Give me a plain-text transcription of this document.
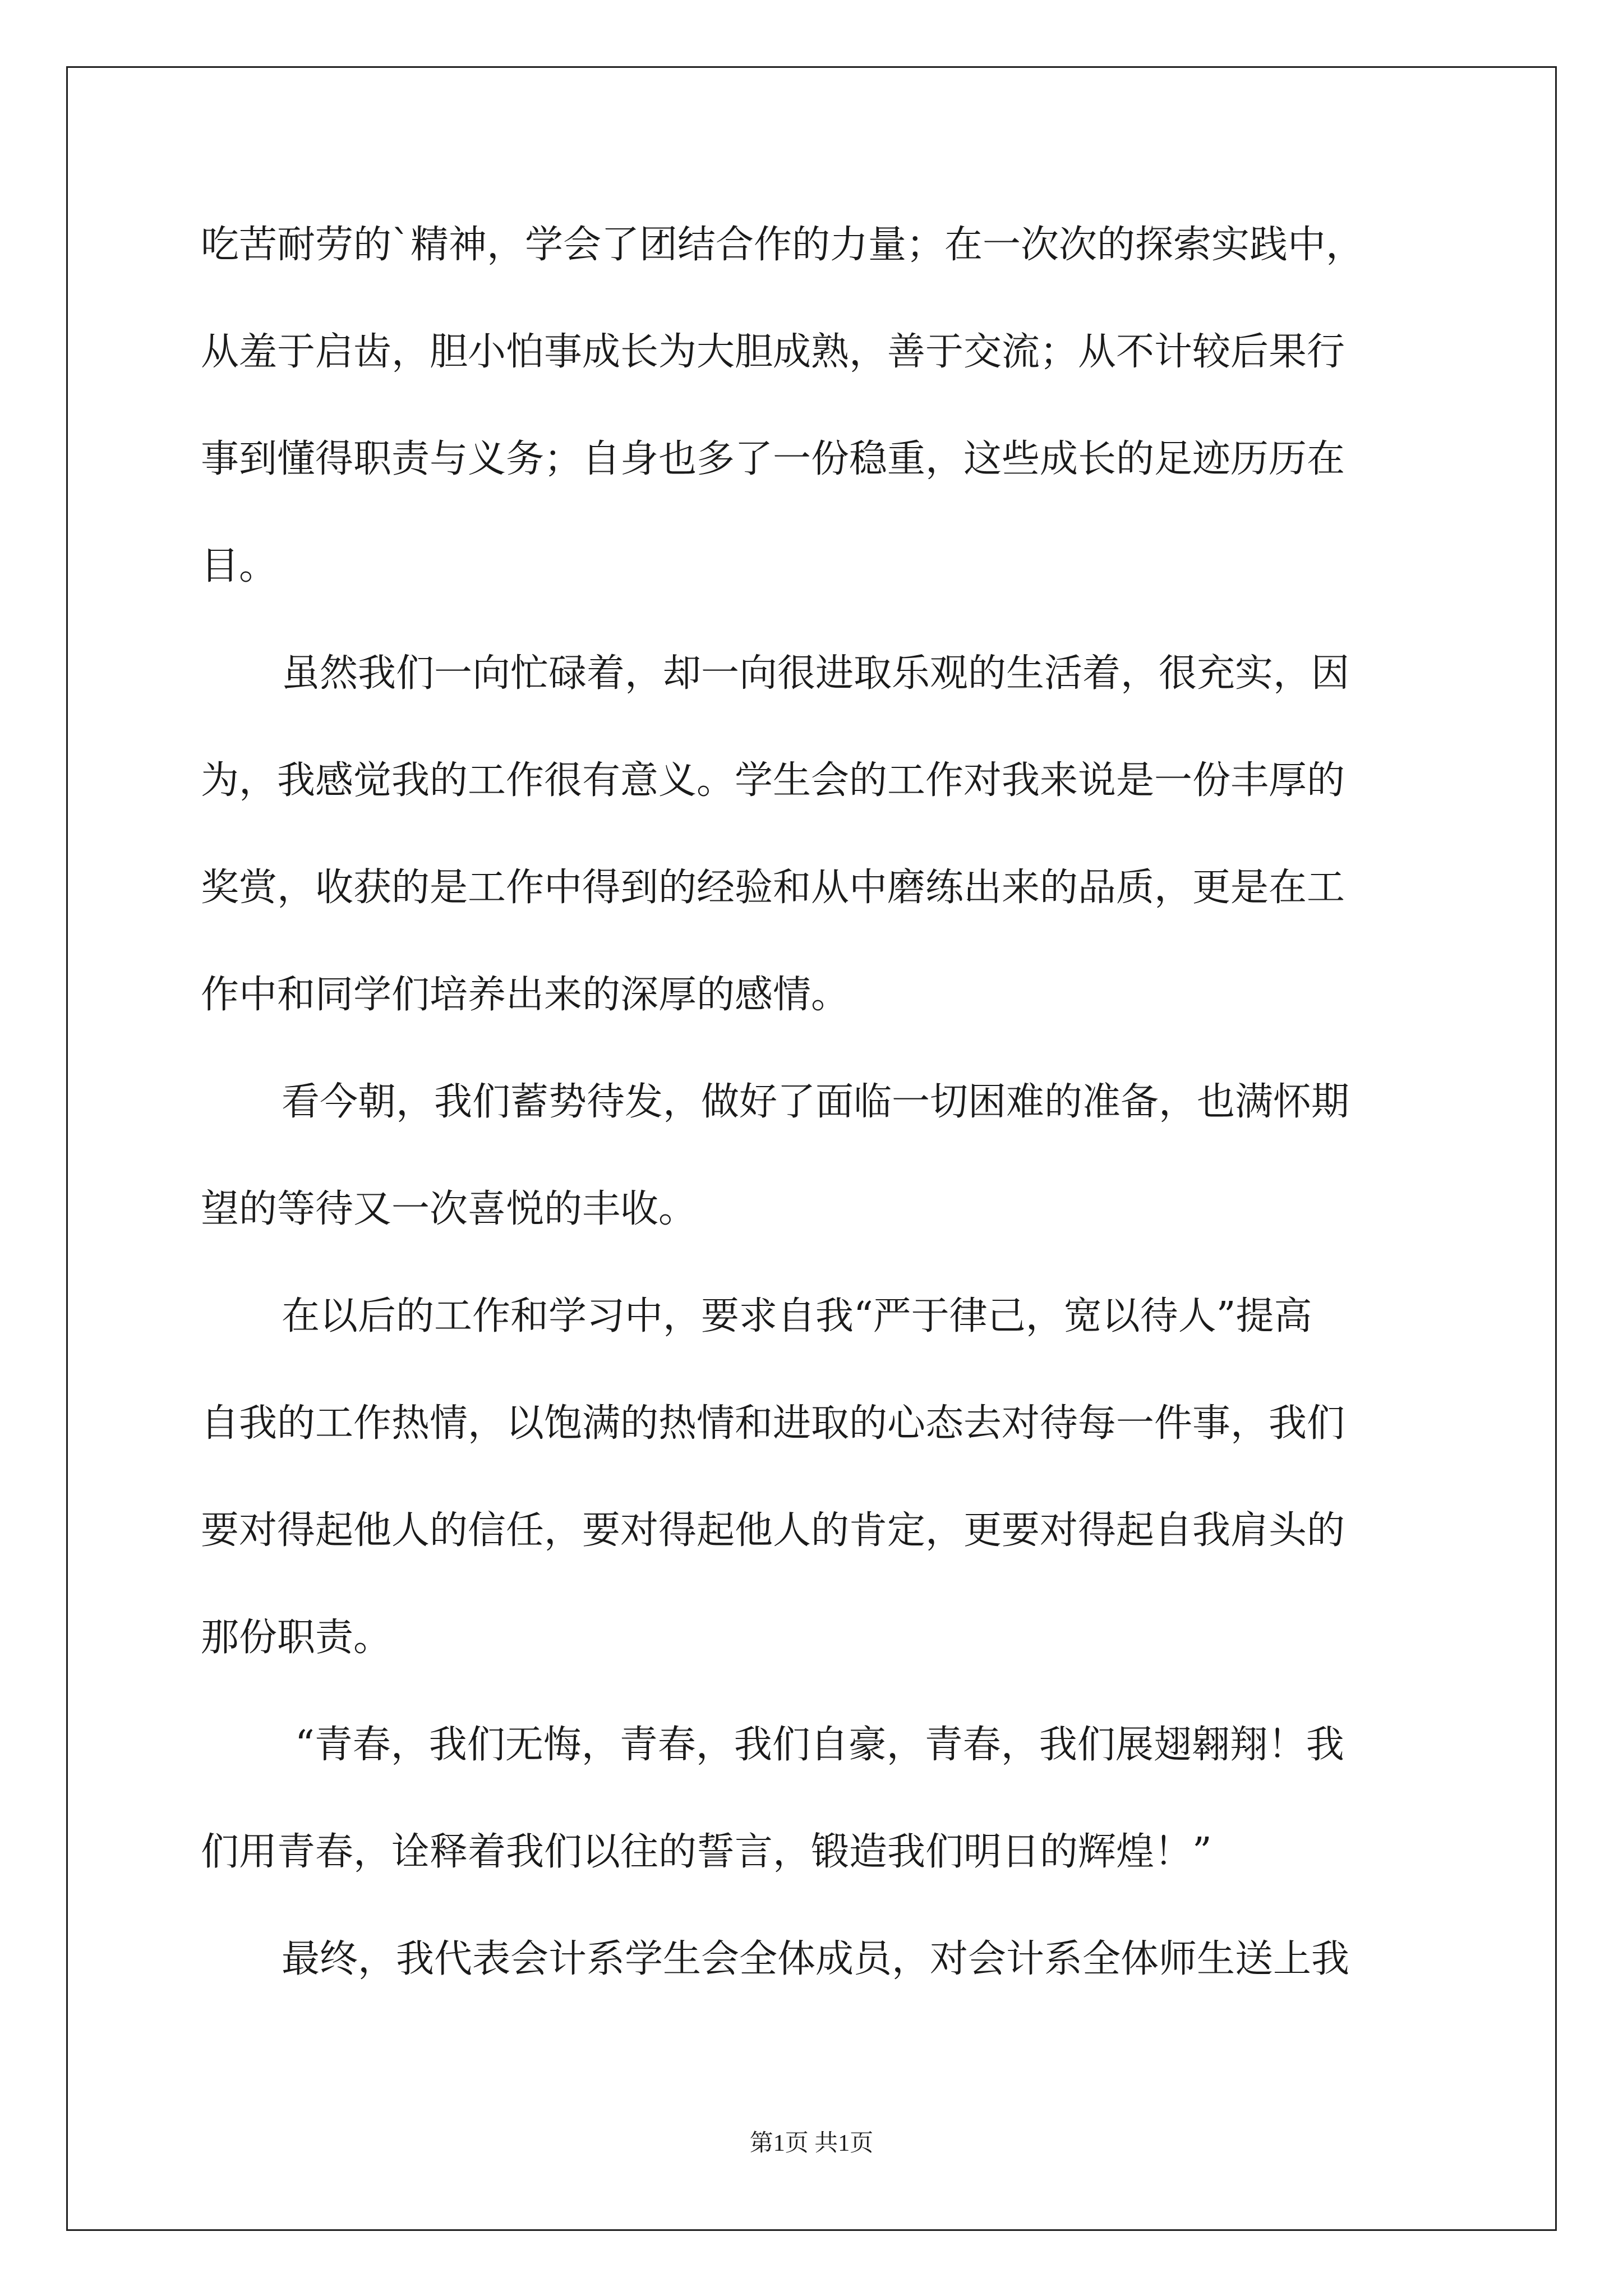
吃苦耐劳的`精神，学会了团结合作的力量；在一次次的探索实践中，
从羞于启齿，胆小怕事成长为大胆成熟，善于交流；从不计较后果行
事到懂得职责与义务；自身也多了一份稳重，这些成长的足迹历历在
目。
虽然我们一向忙碌着，却一向很进取乐观的生活着，很充实，因
为，我感觉我的工作很有意义。学生会的工作对我来说是一份丰厚的
奖赏，收获的是工作中得到的经验和从中磨练出来的品质，更是在工
作中和同学们培养出来的深厚的感情。
看今朝，我们蓄势待发，做好了面临一切困难的准备，也满怀期
望的等待又一次喜悦的丰收。
在以后的工作和学习中，要求自我“严于律己，宽以待人”提高
自我的工作热情，以饱满的热情和进取的心态去对待每一件事，我们
要对得起他人的信任，要对得起他人的肯定，更要对得起自我肩头的
那份职责。
“青春，我们无悔，青春，我们自豪，青春，我们展翅翱翔！我
们用青春，诠释着我们以往的誓言，锻造我们明日的辉煌！”
最终，我代表会计系学生会全体成员，对会计系全体师生送上我
第1页 共1页
